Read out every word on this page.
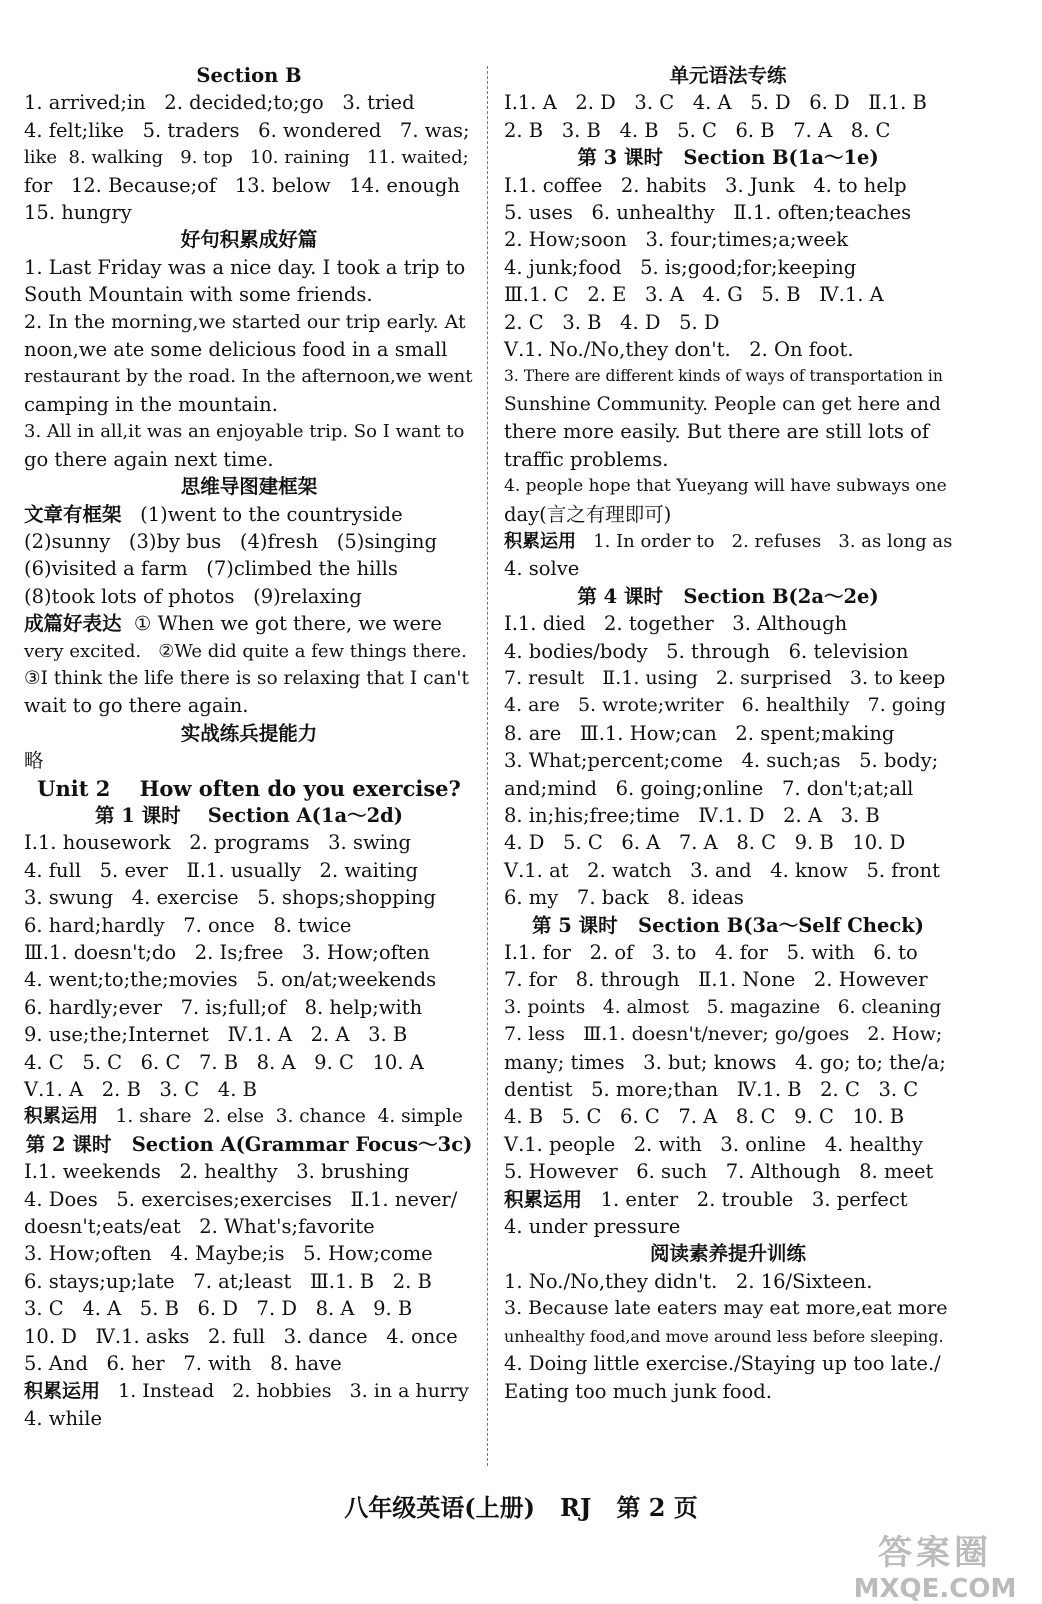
Section B
1. arrived;in   2. decided;to;go   3. tried
4. felt;like   5. traders   6. wondered   7. was;
like  8. walking   9. top   10. raining   11. waited;
for   12. Because;of   13. below   14. enough
15. hungry
好句积累成好篇
1. Last Friday was a nice day. I took a trip to
South Mountain with some friends.
2. In the morning,we started our trip early. At
noon,we ate some delicious food in a small
restaurant by the road. In the afternoon,we went
camping in the mountain.
3. All in all,it was an enjoyable trip. So I want to
go there again next time.
思维导图建框架
文章有框架   (1)went to the countryside
(2)sunny   (3)by bus   (4)fresh   (5)singing
(6)visited a farm   (7)climbed the hills
(8)took lots of photos   (9)relaxing
成篇好表达  ① When we got there, we were
very excited.   ②We did quite a few things there.
③I think the life there is so relaxing that I can't
wait to go there again.
实战练兵提能力
略
Unit 2    How often do you exercise?
第 1 课时    Section A(1a～2d)
Ⅰ.1. housework   2. programs   3. swing
4. full   5. ever   Ⅱ.1. usually   2. waiting
3. swung   4. exercise   5. shops;shopping
6. hard;hardly   7. once   8. twice
Ⅲ.1. doesn't;do   2. Is;free   3. How;often
4. went;to;the;movies   5. on/at;weekends
6. hardly;ever   7. is;full;of   8. help;with
9. use;the;Internet   Ⅳ.1. A   2. A   3. B
4. C   5. C   6. C   7. B   8. A   9. C   10. A
Ⅴ.1. A   2. B   3. C   4. B
积累运用   1. share  2. else  3. chance  4. simple
第 2 课时   Section A(Grammar Focus～3c)
Ⅰ.1. weekends   2. healthy   3. brushing
4. Does   5. exercises;exercises   Ⅱ.1. never/
doesn't;eats/eat   2. What's;favorite
3. How;often   4. Maybe;is   5. How;come
6. stays;up;late   7. at;least   Ⅲ.1. B   2. B
3. C   4. A   5. B   6. D   7. D   8. A   9. B
10. D   Ⅳ.1. asks   2. full   3. dance   4. once
5. And   6. her   7. with   8. have
积累运用   1. Instead   2. hobbies   3. in a hurry
4. while
单元语法专练
Ⅰ.1. A   2. D   3. C   4. A   5. D   6. D   Ⅱ.1. B
2. B   3. B   4. B   5. C   6. B   7. A   8. C
第 3 课时   Section B(1a～1e)
Ⅰ.1. coffee   2. habits   3. Junk   4. to help
5. uses   6. unhealthy   Ⅱ.1. often;teaches
2. How;soon   3. four;times;a;week
4. junk;food   5. is;good;for;keeping
Ⅲ.1. C   2. E   3. A   4. G   5. B   Ⅳ.1. A
2. C   3. B   4. D   5. D
Ⅴ.1. No./No,they don't.   2. On foot.
3. There are different kinds of ways of transportation in
Sunshine Community. People can get here and
there more easily. But there are still lots of
traffic problems.
4. people hope that Yueyang will have subways one
day(言之有理即可)
积累运用   1. In order to   2. refuses   3. as long as
4. solve
第 4 课时   Section B(2a～2e)
Ⅰ.1. died   2. together   3. Although
4. bodies/body   5. through   6. television
7. result   Ⅱ.1. using   2. surprised   3. to keep
4. are   5. wrote;writer   6. healthily   7. going
8. are   Ⅲ.1. How;can   2. spent;making
3. What;percent;come   4. such;as   5. body;
and;mind   6. going;online   7. don't;at;all
8. in;his;free;time   Ⅳ.1. D   2. A   3. B
4. D   5. C   6. A   7. A   8. C   9. B   10. D
Ⅴ.1. at   2. watch   3. and   4. know   5. front
6. my   7. back   8. ideas
第 5 课时   Section B(3a～Self Check)
Ⅰ.1. for   2. of   3. to   4. for   5. with   6. to
7. for   8. through   Ⅱ.1. None   2. However
3. points   4. almost   5. magazine   6. cleaning
7. less   Ⅲ.1. doesn't/never; go/goes   2. How;
many; times   3. but; knows   4. go; to; the/a;
dentist   5. more;than   Ⅳ.1. B   2. C   3. C
4. B   5. C   6. C   7. A   8. C   9. C   10. B
Ⅴ.1. people   2. with   3. online   4. healthy
5. However   6. such   7. Although   8. meet
积累运用   1. enter   2. trouble   3. perfect
4. under pressure
阅读素养提升训练
1. No./No,they didn't.   2. 16/Sixteen.
3. Because late eaters may eat more,eat more
unhealthy food,and move around less before sleeping.
4. Doing little exercise./Staying up too late./
Eating too much junk food.
八年级英语(上册)   RJ   第 2 页
答案圈
MXQE.COM
